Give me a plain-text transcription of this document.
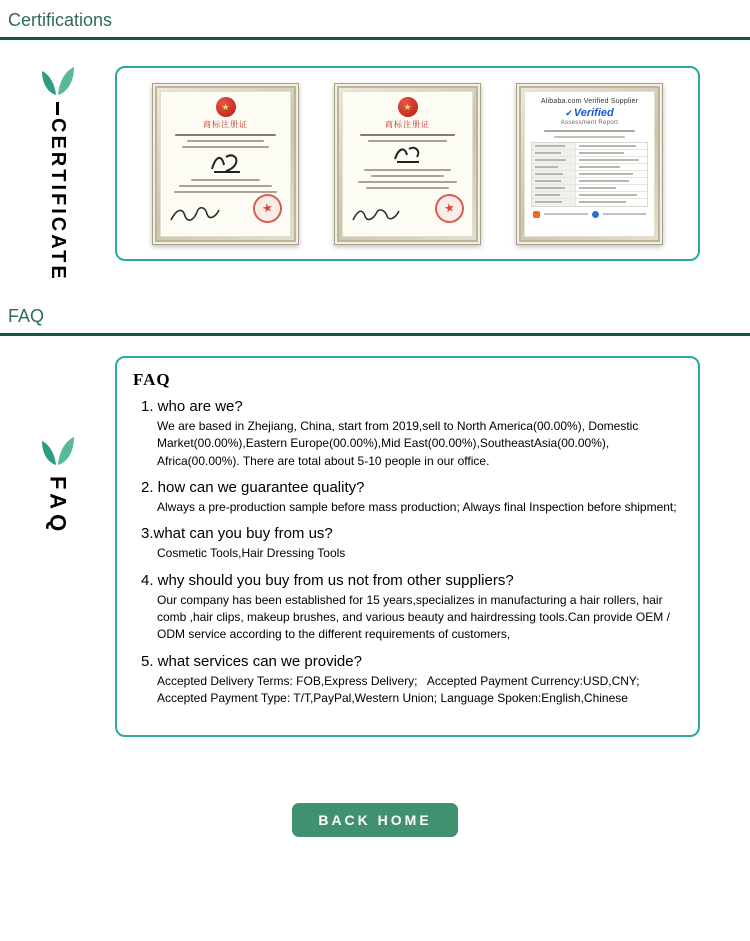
Certifications
CERTIFICATE
★
商标注册证
★
★
商标注册证
★
Alibaba.com Verified Supplier
✔Verified
Assessment Report
FAQ
FAQ
FAQ
1. who are we?
We are based in Zhejiang, China, start from 2019,sell to North America(00.00%), Domestic Market(00.00%),Eastern Europe(00.00%),Mid East(00.00%),SoutheastAsia(00.00%), Africa(00.00%). There are total about 5-10 people in our office.
2. how can we guarantee quality?
Always a pre-production sample before mass production; Always final Inspection before shipment;
3.what can you buy from us?
Cosmetic Tools,Hair Dressing Tools
4. why should you buy from us not from other suppliers?
Our company has been established for 15 years,specializes in manufacturing a hair rollers, hair comb ,hair clips, makeup brushes, and various beauty and hairdressing tools.Can provide OEM / ODM service according to the different requirements of customers,
5. what services can we provide?
Accepted Delivery Terms: FOB,Express Delivery;   Accepted Payment Currency:USD,CNY; Accepted Payment Type: T/T,PayPal,Western Union; Language Spoken:English,Chinese
BACK HOME
